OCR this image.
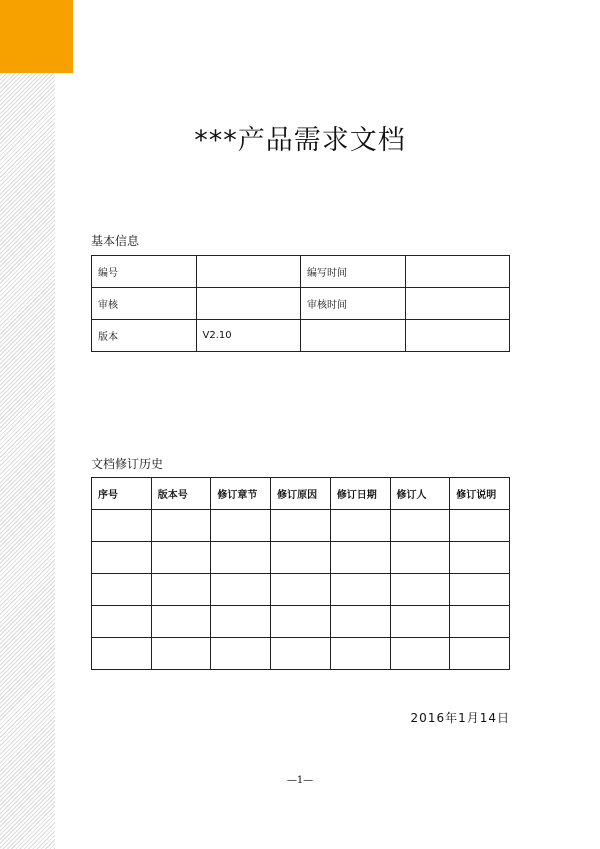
***产品需求文档
基本信息
编号		编写时间	
审核		审核时间	
版本	V2.10		
文档修订历史
序号	版本号	修订章节	修订原因	修订日期	修订人	修订说明

2016年1月14日
—1—
